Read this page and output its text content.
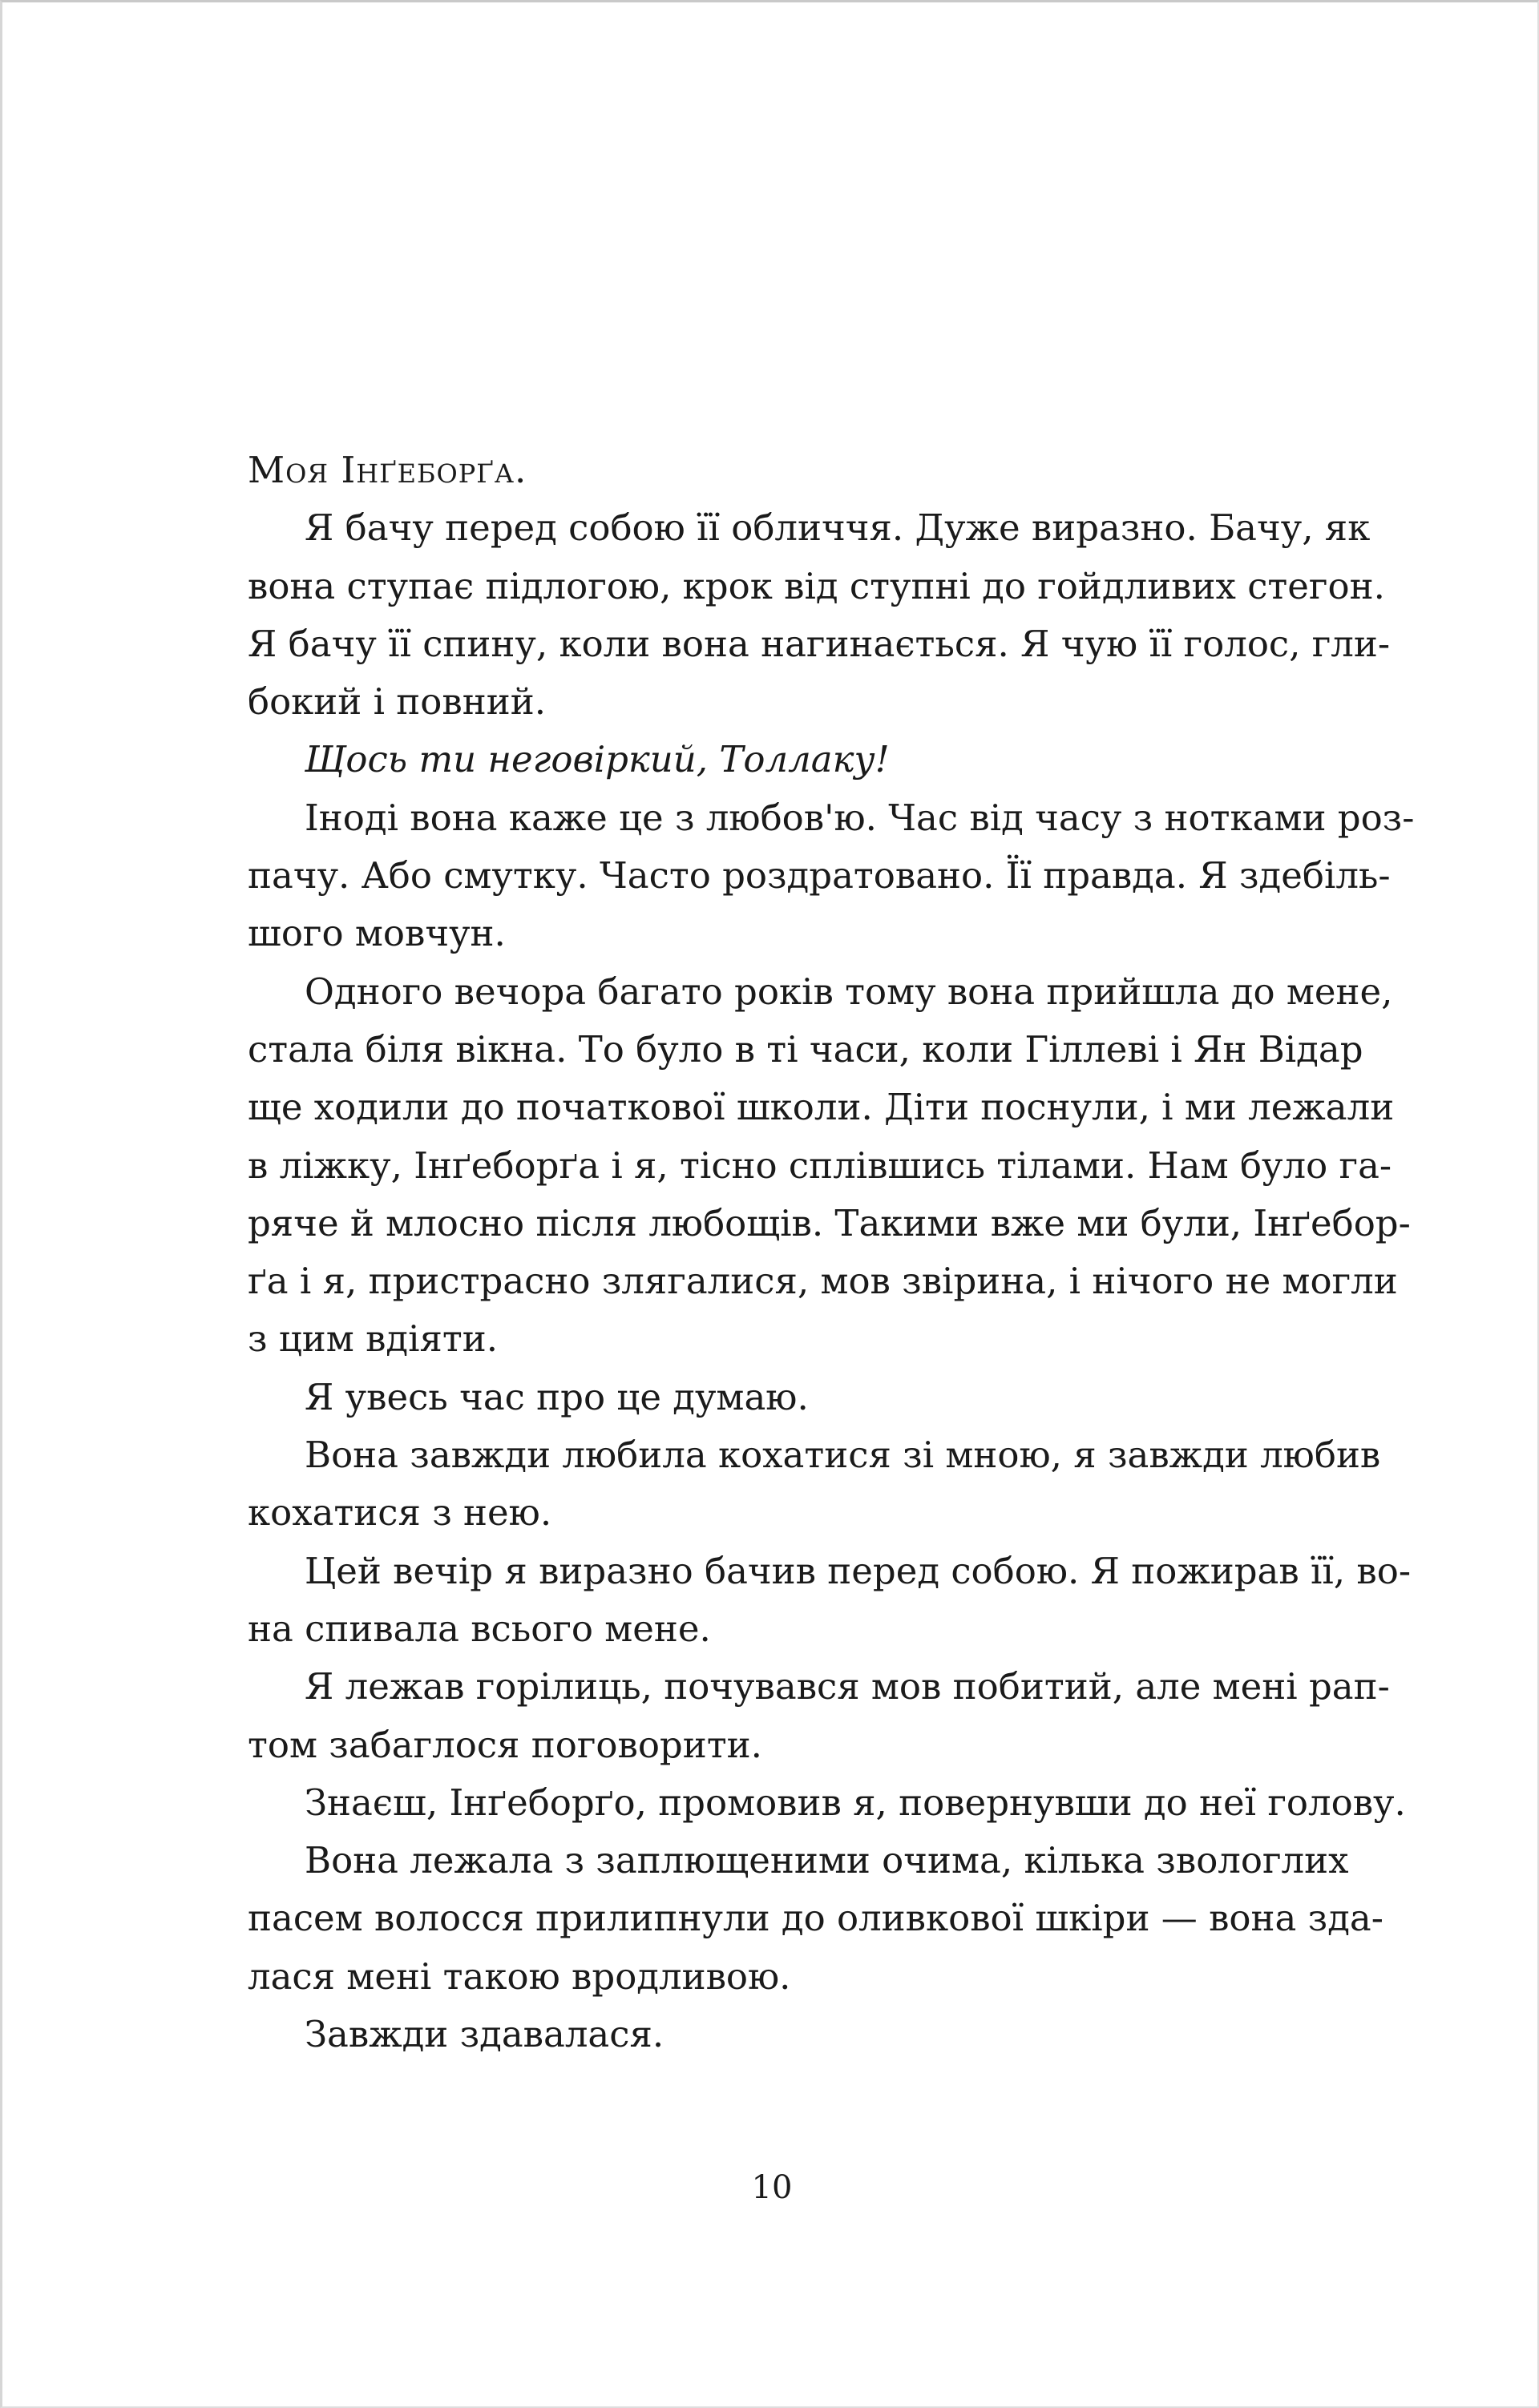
Моя Інґеборґа.
Я бачу перед собою її обличчя. Дуже виразно. Бачу, як
вона ступає підлогою, крок від ступні до гойдливих стегон.
Я бачу її спину, коли вона нагинається. Я чую її голос, гли-
бокий і повний.
Щось ти неговіркий, Толлаку!
Іноді вона каже це з любов'ю. Час від часу з нотками роз-
пачу. Або смутку. Часто роздратовано. Її правда. Я здебіль-
шого мовчун.
Одного вечора багато років тому вона прийшла до мене,
стала біля вікна. То було в ті часи, коли Гіллеві і Ян Відар
ще ходили до початкової школи. Діти поснули, і ми лежали
в ліжку, Інґеборґа і я, тісно сплівшись тілами. Нам було га-
ряче й млосно після любощів. Такими вже ми були, Інґебор-
ґа і я, пристрасно злягалися, мов звірина, і нічого не могли
з цим вдіяти.
Я увесь час про це думаю.
Вона завжди любила кохатися зі мною, я завжди любив
кохатися з нею.
Цей вечір я виразно бачив перед собою. Я пожирав її, во-
на спивала всього мене.
Я лежав горілиць, почувався мов побитий, але мені рап-
том забаглося поговорити.
Знаєш, Інґеборґо, промовив я, повернувши до неї голову.
Вона лежала з заплющеними очима, кілька звологлих
пасем волосся прилипнули до оливкової шкіри — вона зда-
лася мені такою вродливою.
Завжди здавалася.
10
